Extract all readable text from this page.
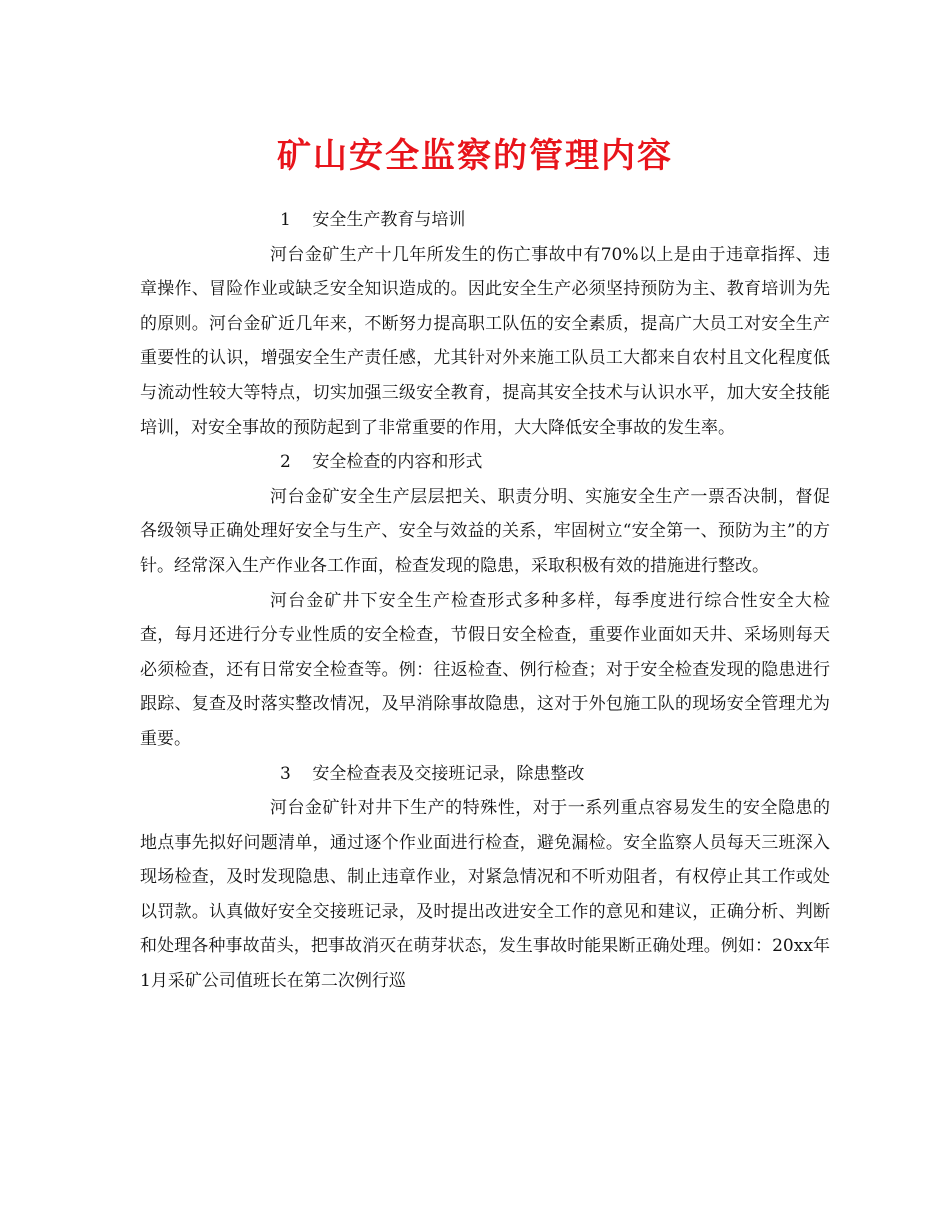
矿山安全监察的管理内容

1    安全生产教育与培训

河台金矿生产十几年所发生的伤亡事故中有70%以上是由于违章指挥、违章操作、冒险作业或缺乏安全知识造成的。因此安全生产必须坚持预防为主、教育培训为先的原则。河台金矿近几年来，不断努力提高职工队伍的安全素质，提高广大员工对安全生产重要性的认识，增强安全生产责任感，尤其针对外来施工队员工大都来自农村且文化程度低与流动性较大等特点，切实加强三级安全教育，提高其安全技术与认识水平，加大安全技能培训，对安全事故的预防起到了非常重要的作用，大大降低安全事故的发生率。

2    安全检查的内容和形式

河台金矿安全生产层层把关、职责分明、实施安全生产一票否决制，督促各级领导正确处理好安全与生产、安全与效益的关系，牢固树立“安全第一、预防为主”的方针。经常深入生产作业各工作面，检查发现的隐患，采取积极有效的措施进行整改。

河台金矿井下安全生产检查形式多种多样，每季度进行综合性安全大检查，每月还进行分专业性质的安全检查，节假日安全检查，重要作业面如天井、采场则每天必须检查，还有日常安全检查等。例：往返检查、例行检查；对于安全检查发现的隐患进行跟踪、复查及时落实整改情况，及早消除事故隐患，这对于外包施工队的现场安全管理尤为重要。

3    安全检查表及交接班记录，除患整改

河台金矿针对井下生产的特殊性，对于一系列重点容易发生的安全隐患的地点事先拟好问题清单，通过逐个作业面进行检查，避免漏检。安全监察人员每天三班深入现场检查，及时发现隐患、制止违章作业，对紧急情况和不听劝阻者，有权停止其工作或处以罚款。认真做好安全交接班记录，及时提出改进安全工作的意见和建议，正确分析、判断和处理各种事故苗头，把事故消灭在萌芽状态，发生事故时能果断正确处理。例如：20xx年1月采矿公司值班长在第二次例行巡
